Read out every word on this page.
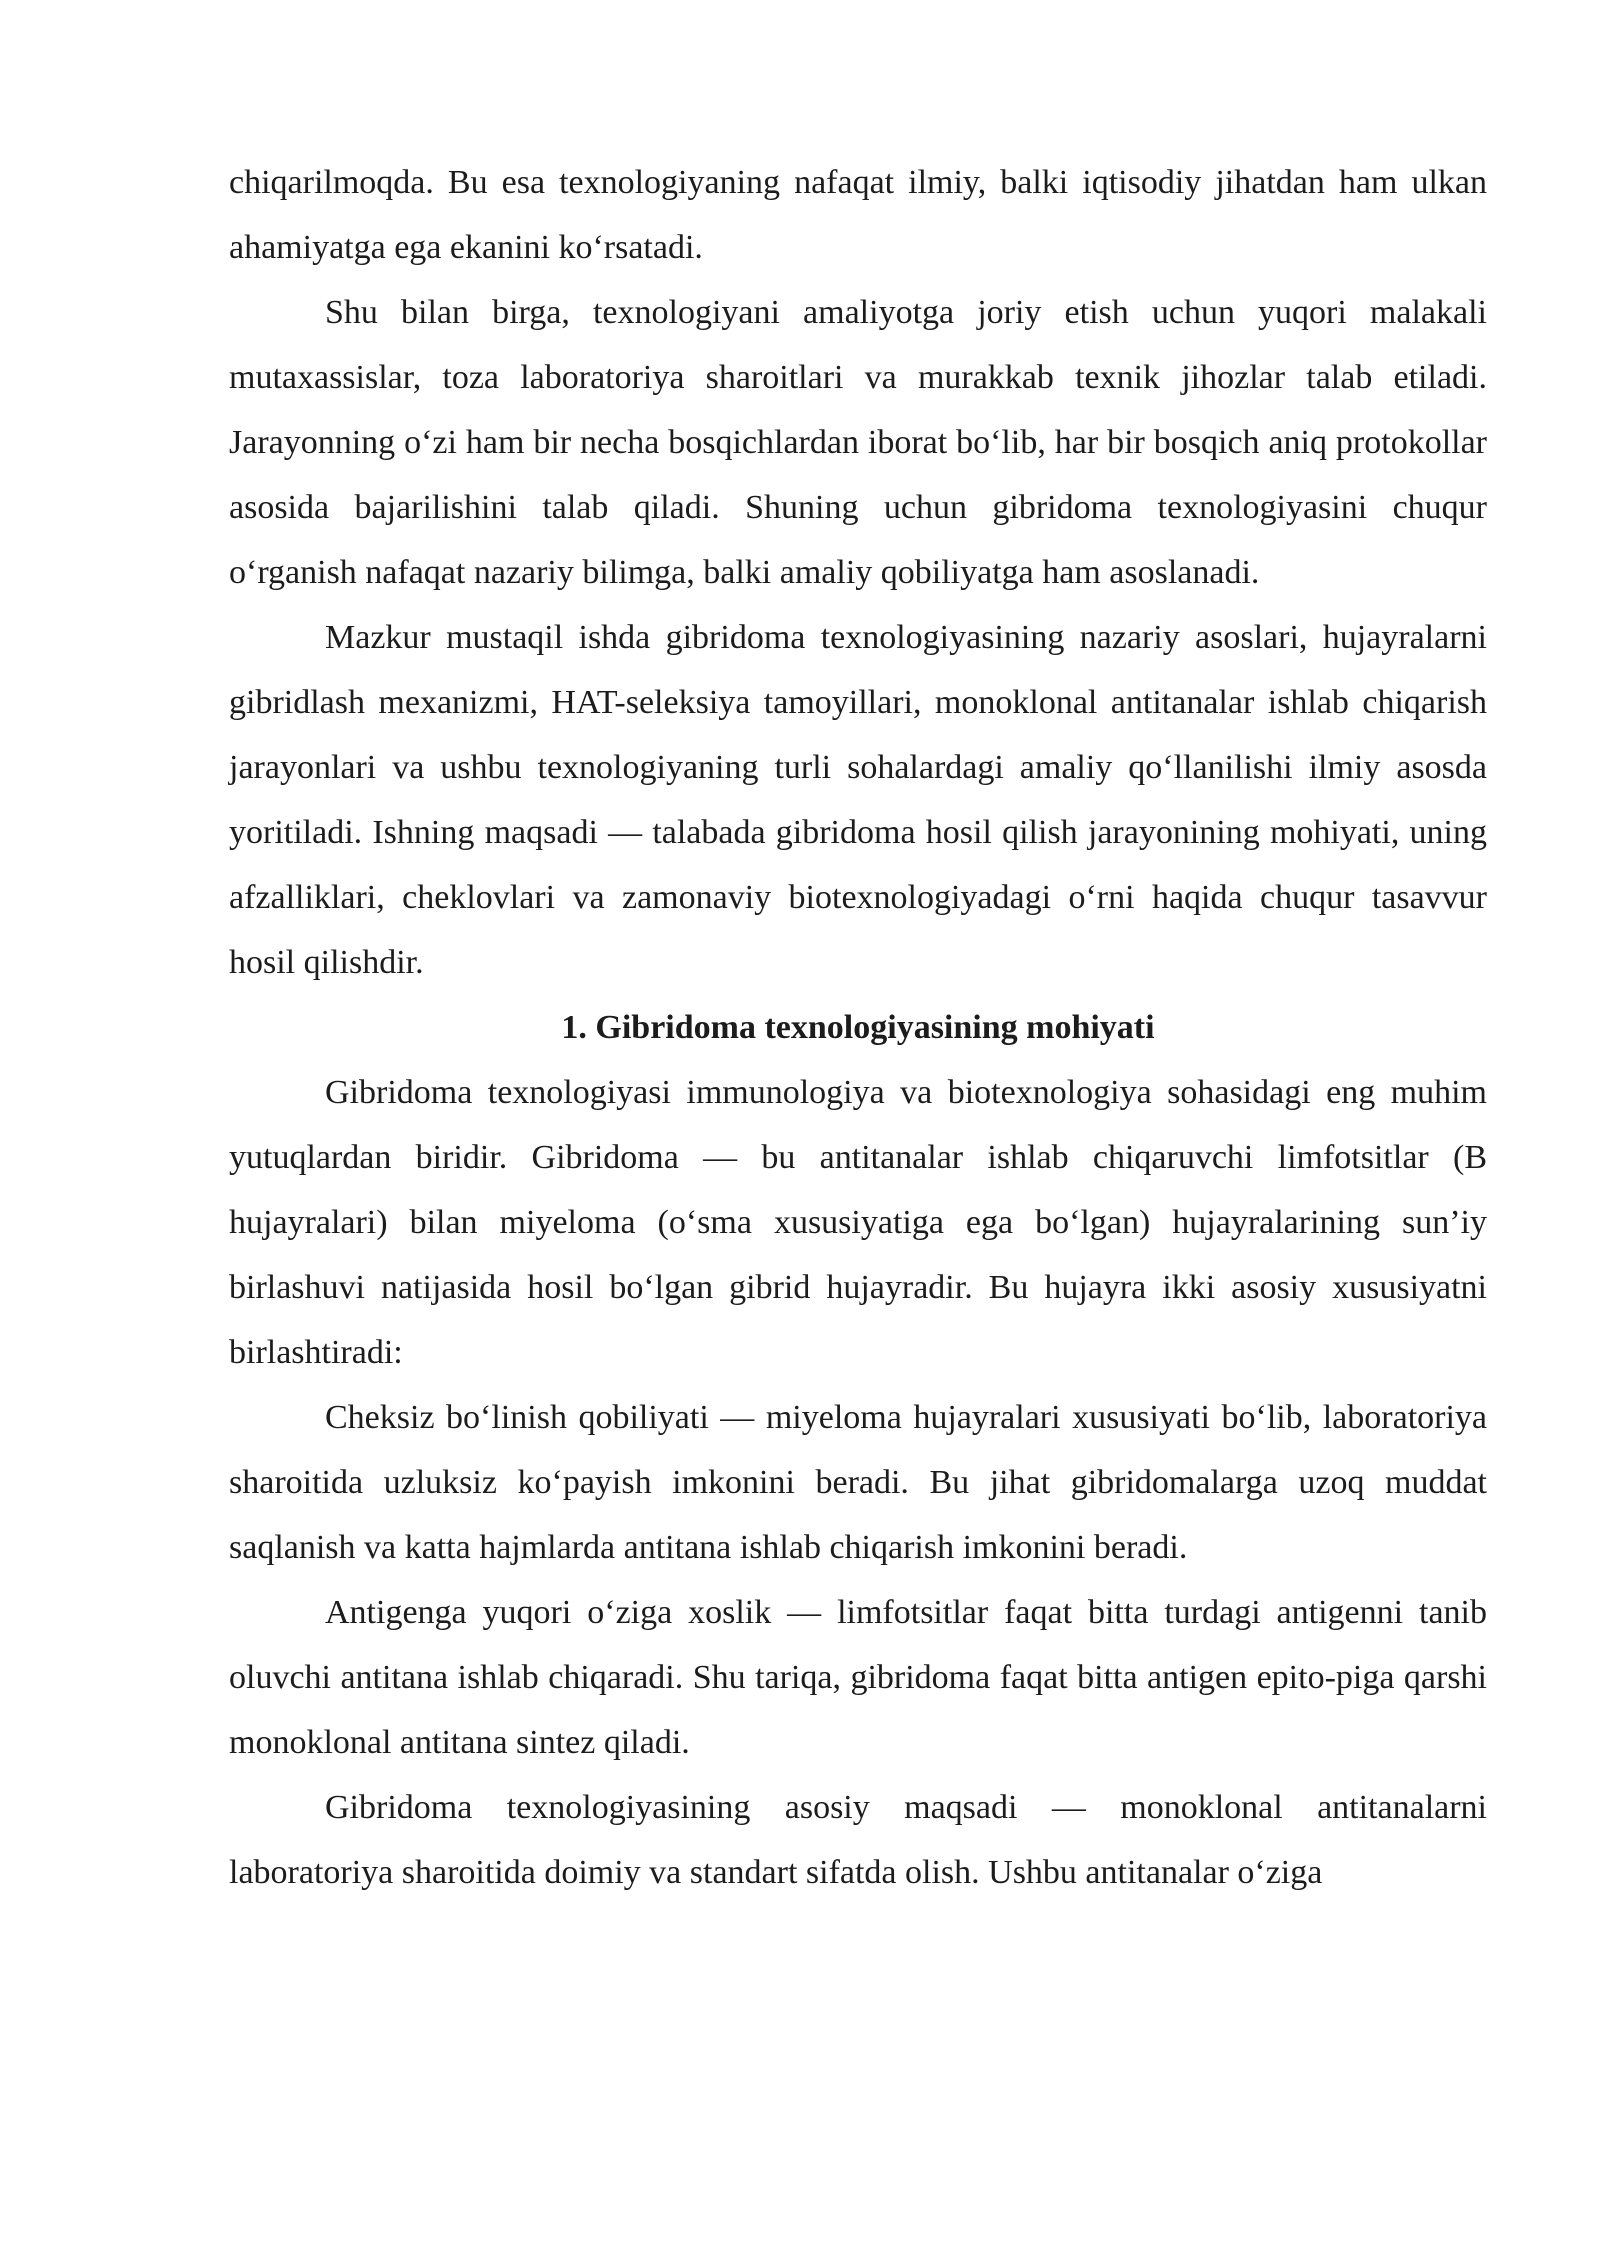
chiqarilmoqda. Bu esa texnologiyaning nafaqat ilmiy, balki iqtisodiy jihatdan ham ulkan ahamiyatga ega ekanini ko‘rsatadi.

Shu bilan birga, texnologiyani amaliyotga joriy etish uchun yuqori malakali mutaxassislar, toza laboratoriya sharoitlari va murakkab texnik jihozlar talab etiladi. Jarayonning o‘zi ham bir necha bosqichlardan iborat bo‘lib, har bir bosqich aniq protokollar asosida bajarilishini talab qiladi. Shuning uchun gibridoma texnologiyasini chuqur o‘rganish nafaqat nazariy bilimga, balki amaliy qobiliyatga ham asoslanadi.

Mazkur mustaqil ishda gibridoma texnologiyasining nazariy asoslari, hujayralarni gibridlash mexanizmi, HAT-seleksiya tamoyillari, monoklonal antitanalar ishlab chiqarish jarayonlari va ushbu texnologiyaning turli sohalardagi amaliy qo‘llanilishi ilmiy asosda yoritiladi. Ishning maqsadi — talabada gibridoma hosil qilish jarayonining mohiyati, uning afzalliklari, cheklovlari va zamonaviy biotexnologiyadagi o‘rni haqida chuqur tasavvur hosil qilishdir.

1. Gibridoma texnologiyasining mohiyati

Gibridoma texnologiyasi immunologiya va biotexnologiya sohasidagi eng muhim yutuqlardan biridir. Gibridoma — bu antitanalar ishlab chiqaruvchi limfotsitlar (B hujayralari) bilan miyeloma (o‘sma xususiyatiga ega bo‘lgan) hujayralarining sun’iy birlashuvi natijasida hosil bo‘lgan gibrid hujayradir. Bu hujayra ikki asosiy xususiyatni birlashtiradi:

Cheksiz bo‘linish qobiliyati — miyeloma hujayralari xususiyati bo‘lib, laboratoriya sharoitida uzluksiz ko‘payish imkonini beradi. Bu jihat gibridomalarga uzoq muddat saqlanish va katta hajmlarda antitana ishlab chiqarish imkonini beradi.

Antigenga yuqori o‘ziga xoslik — limfotsitlar faqat bitta turdagi antigenni tanib oluvchi antitana ishlab chiqaradi. Shu tariqa, gibridoma faqat bitta antigen epito-piga qarshi monoklonal antitana sintez qiladi.

Gibridoma texnologiyasining asosiy maqsadi — monoklonal antitanalarni laboratoriya sharoitida doimiy va standart sifatda olish. Ushbu antitanalar o‘ziga
